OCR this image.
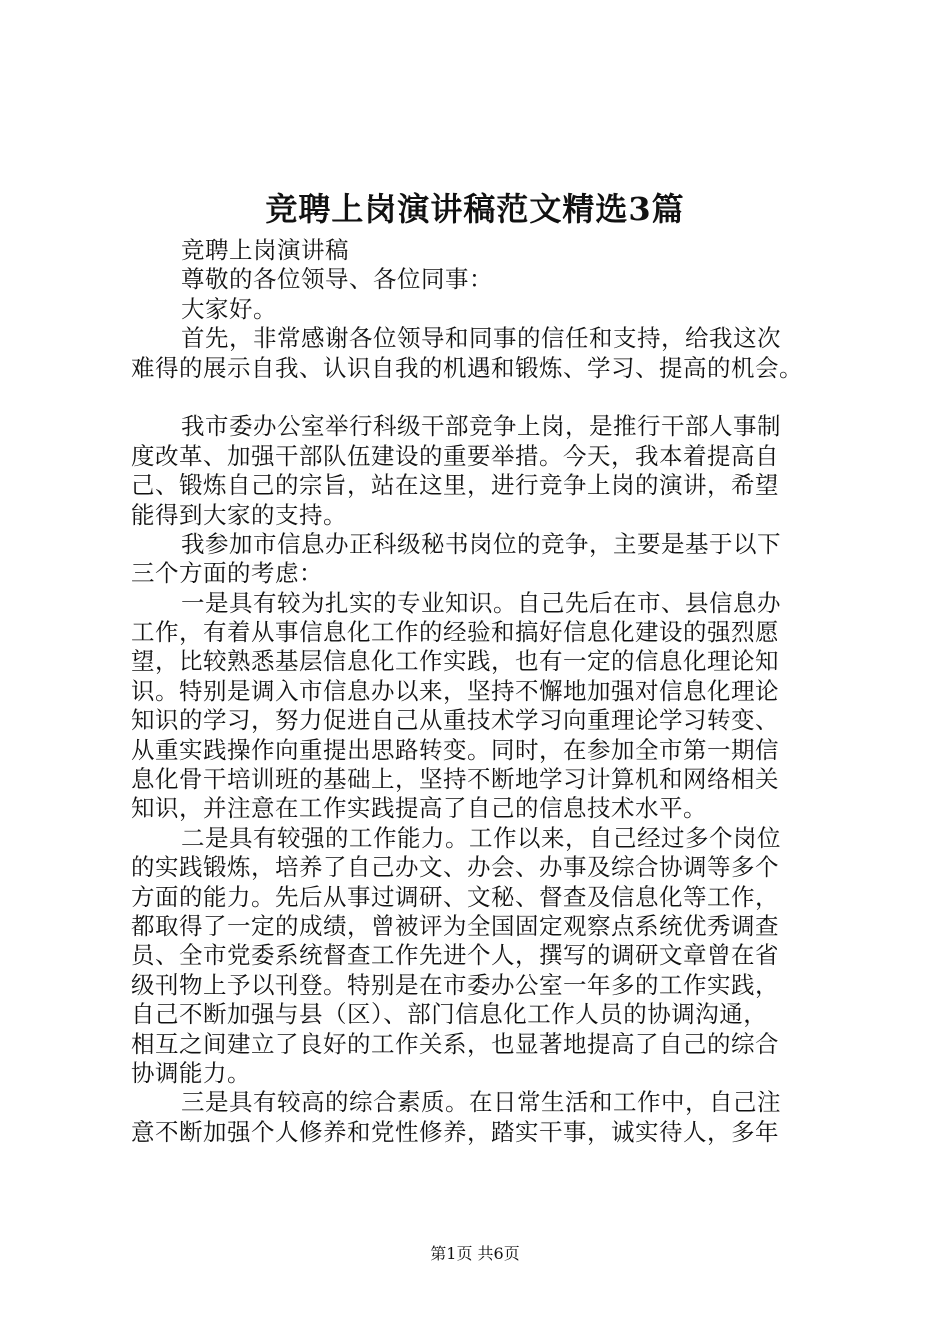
竞聘上岗演讲稿范文精选3篇
竞聘上岗演讲稿
尊敬的各位领导、各位同事：
大家好。
首先，非常感谢各位领导和同事的信任和支持，给我这次
难得的展示自我、认识自我的机遇和锻炼、学习、提高的机会。
我市委办公室举行科级干部竞争上岗，是推行干部人事制
度改革、加强干部队伍建设的重要举措。今天，我本着提高自
己、锻炼自己的宗旨，站在这里，进行竞争上岗的演讲，希望
能得到大家的支持。
我参加市信息办正科级秘书岗位的竞争，主要是基于以下
三个方面的考虑：
一是具有较为扎实的专业知识。自己先后在市、县信息办
工作，有着从事信息化工作的经验和搞好信息化建设的强烈愿
望，比较熟悉基层信息化工作实践，也有一定的信息化理论知
识。特别是调入市信息办以来，坚持不懈地加强对信息化理论
知识的学习，努力促进自己从重技术学习向重理论学习转变、
从重实践操作向重提出思路转变。同时，在参加全市第一期信
息化骨干培训班的基础上，坚持不断地学习计算机和网络相关
知识，并注意在工作实践提高了自己的信息技术水平。
二是具有较强的工作能力。工作以来，自己经过多个岗位
的实践锻炼，培养了自己办文、办会、办事及综合协调等多个
方面的能力。先后从事过调研、文秘、督查及信息化等工作，
都取得了一定的成绩，曾被评为全国固定观察点系统优秀调查
员、全市党委系统督查工作先进个人，撰写的调研文章曾在省
级刊物上予以刊登。特别是在市委办公室一年多的工作实践，
自己不断加强与县（区）、部门信息化工作人员的协调沟通，
相互之间建立了良好的工作关系，也显著地提高了自己的综合
协调能力。
三是具有较高的综合素质。在日常生活和工作中，自己注
意不断加强个人修养和党性修养，踏实干事，诚实待人，多年
第1页 共6页
